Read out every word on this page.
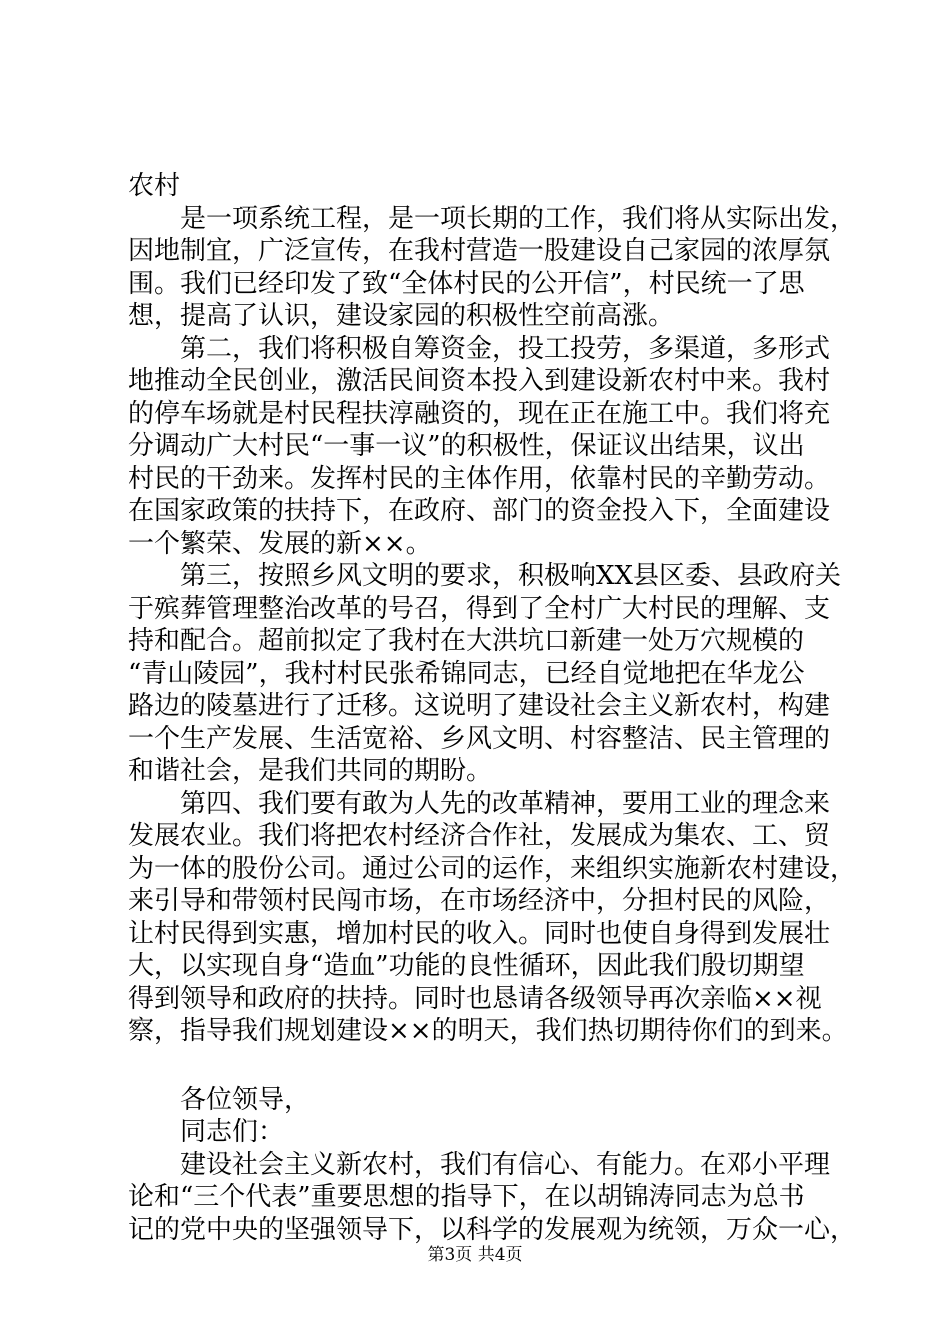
农村
是一项系统工程，是一项长期的工作，我们将从实际出发，
因地制宜，广泛宣传，在我村营造一股建设自己家园的浓厚氛
围。我们已经印发了致“全体村民的公开信”，村民统一了思
想，提高了认识，建设家园的积极性空前高涨。
第二，我们将积极自筹资金，投工投劳，多渠道，多形式
地推动全民创业，激活民间资本投入到建设新农村中来。我村
的停车场就是村民程扶淳融资的，现在正在施工中。我们将充
分调动广大村民“一事一议”的积极性，保证议出结果，议出
村民的干劲来。发挥村民的主体作用，依靠村民的辛勤劳动。
在国家政策的扶持下，在政府、部门的资金投入下，全面建设
一个繁荣、发展的新××。
第三，按照乡风文明的要求，积极响XX县区委、县政府关
于殡葬管理整治改革的号召，得到了全村广大村民的理解、支
持和配合。超前拟定了我村在大洪坑口新建一处万穴规模的
“青山陵园”，我村村民张希锦同志，已经自觉地把在华龙公
路边的陵墓进行了迁移。这说明了建设社会主义新农村，构建
一个生产发展、生活宽裕、乡风文明、村容整洁、民主管理的
和谐社会，是我们共同的期盼。
第四、我们要有敢为人先的改革精神，要用工业的理念来
发展农业。我们将把农村经济合作社，发展成为集农、工、贸
为一体的股份公司。通过公司的运作，来组织实施新农村建设，
来引导和带领村民闯市场，在市场经济中，分担村民的风险，
让村民得到实惠，增加村民的收入。同时也使自身得到发展壮
大，以实现自身“造血”功能的良性循环，因此我们殷切期望
得到领导和政府的扶持。同时也恳请各级领导再次亲临××视
察，指导我们规划建设××的明天，我们热切期待你们的到来。
各位领导，
同志们：
建设社会主义新农村，我们有信心、有能力。在邓小平理
论和“三个代表”重要思想的指导下，在以胡锦涛同志为总书
记的党中央的坚强领导下，以科学的发展观为统领，万众一心，
第3页 共4页
